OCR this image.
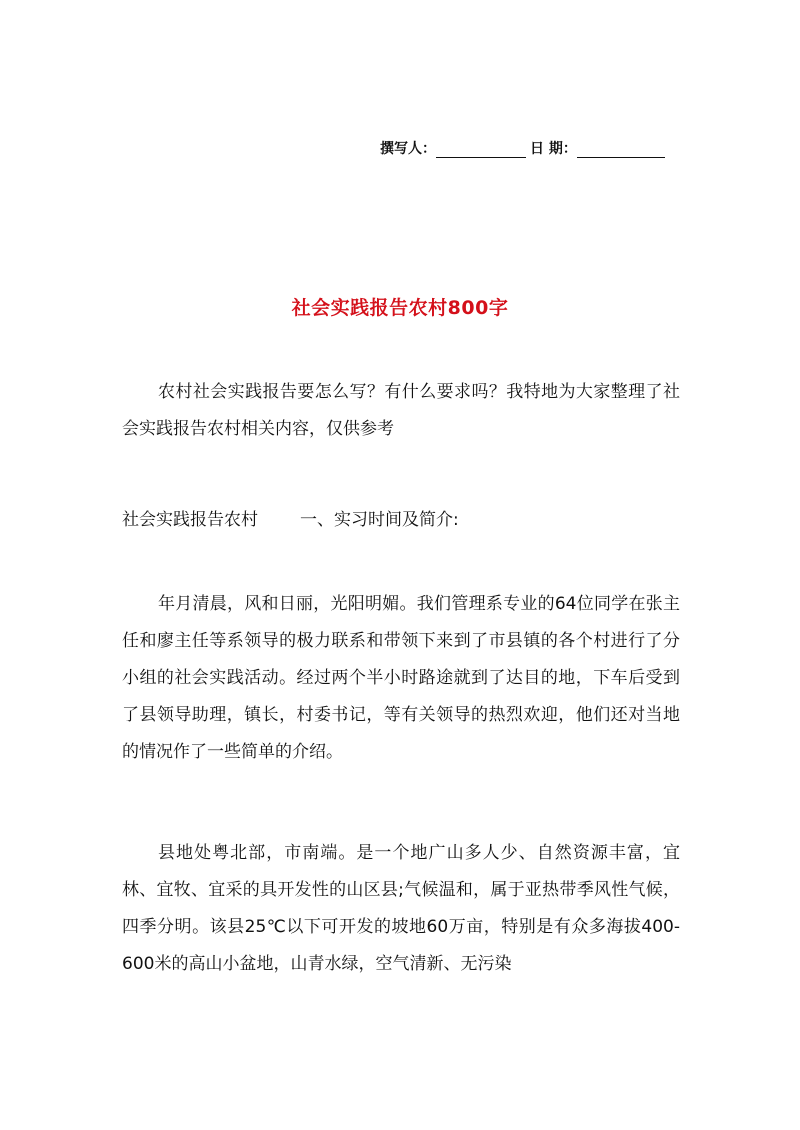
撰写人：	日 期：
社会实践报告农村800字

农村社会实践报告要怎么写？有什么要求吗？我特地为大家整理了社会实践报告农村相关内容，仅供参考

社会实践报告农村 一、实习时间及简介:

年月清晨，风和日丽，光阳明媚。我们管理系专业的64位同学在张主任和廖主任等系领导的极力联系和带领下来到了市县镇的各个村进行了分小组的社会实践活动。经过两个半小时路途就到了达目的地，下车后受到了县领导助理，镇长，村委书记，等有关领导的热烈欢迎，他们还对当地的情况作了一些简单的介绍。

县地处粤北部，市南端。是一个地广山多人少、自然资源丰富，宜林、宜牧、宜采的具开发性的山区县;气候温和，属于亚热带季风性气候，四季分明。该县25℃以下可开发的坡地60万亩，特别是有众多海拔400-600米的高山小盆地，山青水绿，空气清新、无污染
